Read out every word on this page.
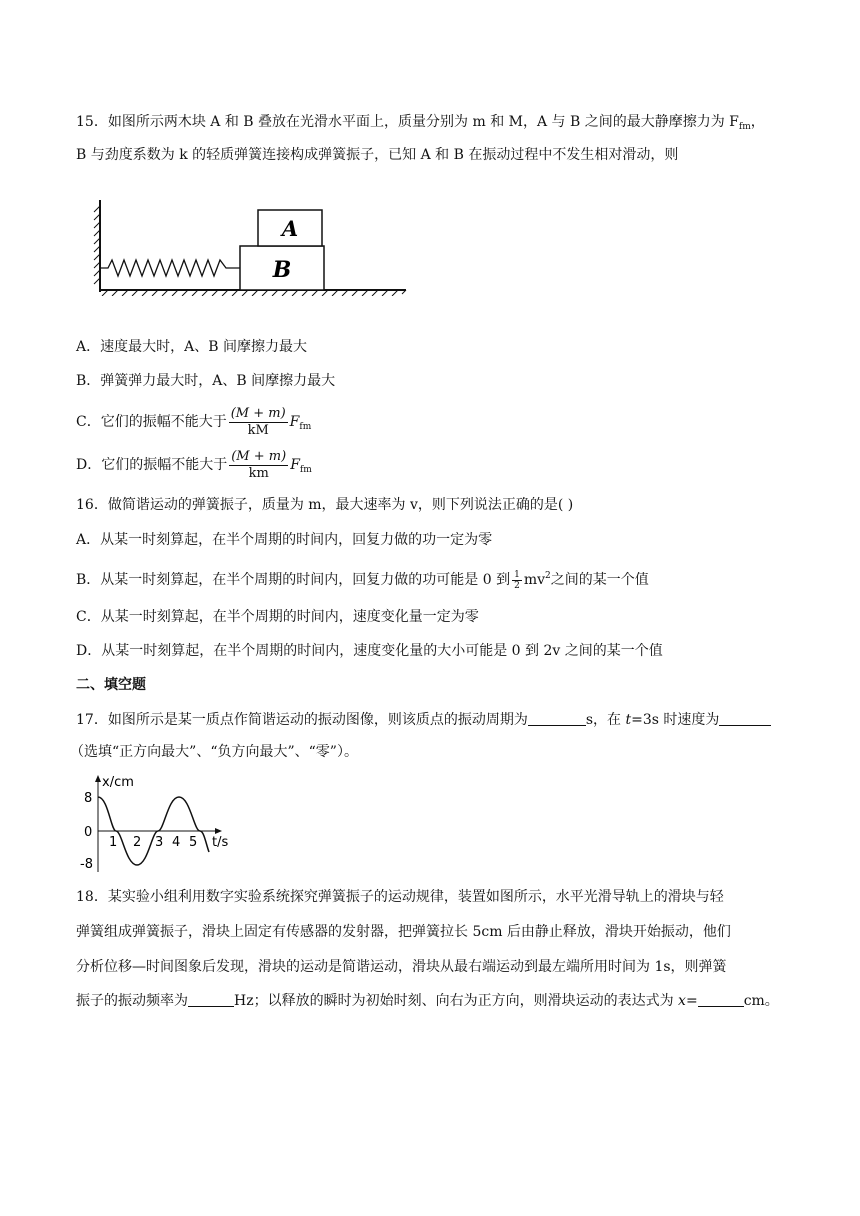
15．如图所示两木块 A 和 B 叠放在光滑水平面上，质量分别为 m 和 M，A 与 B 之间的最大静摩擦力为 $F_{fm}$，
B 与劲度系数为 k 的轻质弹簧连接构成弹簧振子，已知 A 和 B 在振动过程中不发生相对滑动，则
B
A
A．速度最大时，A、B 间摩擦力最大
B．弹簧弹力最大时，A、B 间摩擦力最大
C．它们的振幅不能大于 $\frac{(M + m)}{kM} F_{fm}$
D．它们的振幅不能大于 $\frac{(M + m)}{km} F_{fm}$
16．做简谐运动的弹簧振子，质量为 m，最大速率为 v，则下列说法正确的是( )
A．从某一时刻算起，在半个周期的时间内，回复力做的功一定为零
B．从某一时刻算起，在半个周期的时间内，回复力做的功可能是 0 到 $\frac{1}{2} mv^2$之间的某一个值
C．从某一时刻算起，在半个周期的时间内，速度变化量一定为零
D．从某一时刻算起，在半个周期的时间内，速度变化量的大小可能是 0 到 2v 之间的某一个值
二、填空题
17．如图所示是某一质点作简谐运动的振动图像，则该质点的振动周期为	s，在 t=3s 时速度为
（选填“正方向最大”、“负方向最大”、“零”）。
x/cm
t/s
8
0
-8
1 2 3 4 5
18．某实验小组利用数字实验系统探究弹簧振子的运动规律，装置如图所示，水平光滑导轨上的滑块与轻
弹簧组成弹簧振子，滑块上固定有传感器的发射器，把弹簧拉长 5cm 后由静止释放，滑块开始振动，他们
分析位移—时间图象后发现，滑块的运动是简谐运动，滑块从最右端运动到最左端所用时间为 1s，则弹簧
振子的振动频率为	Hz；以释放的瞬时为初始时刻、向右为正方向，则滑块运动的表达式为 x=	cm。
